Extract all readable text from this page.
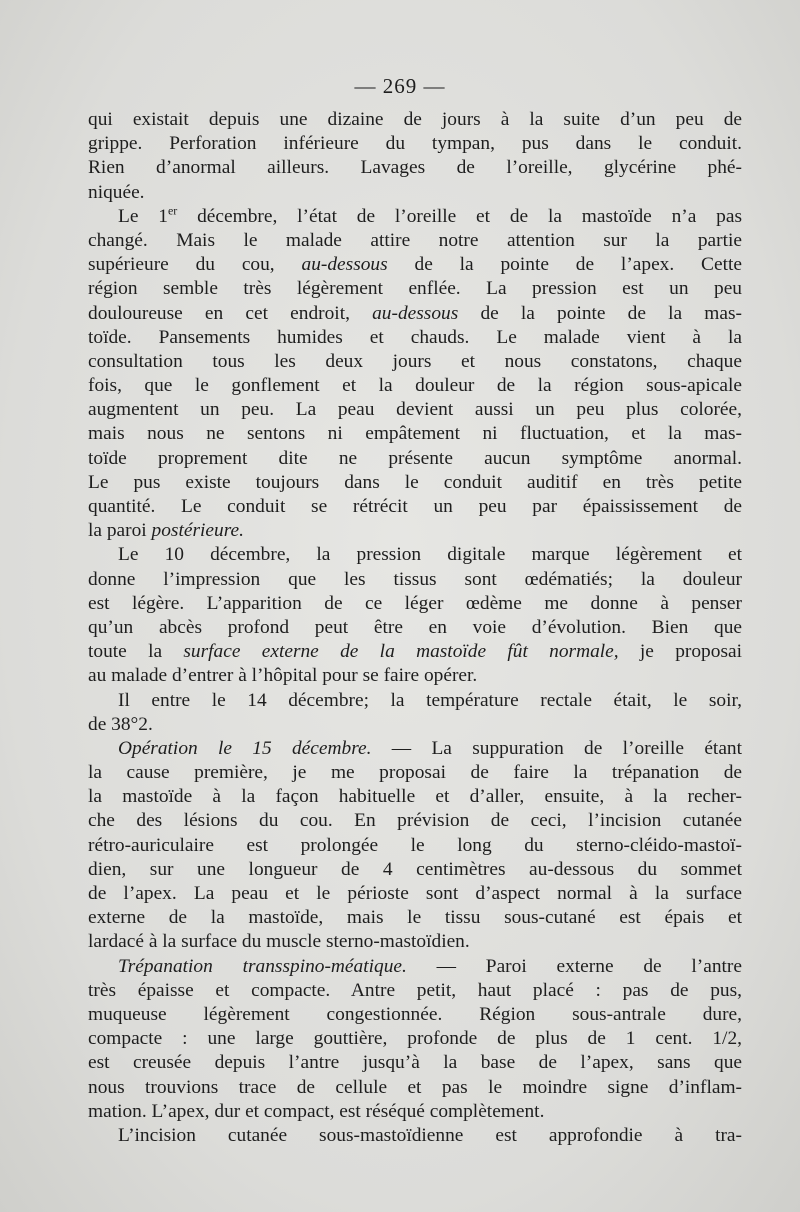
— 269 —
qui existait depuis une dizaine de jours à la suite d’un peu de
grippe. Perforation inférieure du tympan, pus dans le conduit.
Rien d’anormal ailleurs. Lavages de l’oreille, glycérine phé-
niquée.
Le 1er décembre, l’état de l’oreille et de la mastoïde n’a pas
changé. Mais le malade attire notre attention sur la partie
supérieure du cou, au-dessous de la pointe de l’apex. Cette
région semble très légèrement enflée. La pression est un peu
douloureuse en cet endroit, au-dessous de la pointe de la mas-
toïde. Pansements humides et chauds. Le malade vient à la
consultation tous les deux jours et nous constatons, chaque
fois, que le gonflement et la douleur de la région sous-apicale
augmentent un peu. La peau devient aussi un peu plus colorée,
mais nous ne sentons ni empâtement ni fluctuation, et la mas-
toïde proprement dite ne présente aucun symptôme anormal.
Le pus existe toujours dans le conduit auditif en très petite
quantité. Le conduit se rétrécit un peu par épaississement de
la paroi postérieure.
Le 10 décembre, la pression digitale marque légèrement et
donne l’impression que les tissus sont œdématiés; la douleur
est légère. L’apparition de ce léger œdème me donne à penser
qu’un abcès profond peut être en voie d’évolution. Bien que
toute la surface externe de la mastoïde fût normale, je proposai
au malade d’entrer à l’hôpital pour se faire opérer.
Il entre le 14 décembre; la température rectale était, le soir,
de 38°2.
Opération le 15 décembre. — La suppuration de l’oreille étant
la cause première, je me proposai de faire la trépanation de
la mastoïde à la façon habituelle et d’aller, ensuite, à la recher-
che des lésions du cou. En prévision de ceci, l’incision cutanée
rétro-auriculaire est prolongée le long du sterno-cléido-mastoï-
dien, sur une longueur de 4 centimètres au-dessous du sommet
de l’apex. La peau et le périoste sont d’aspect normal à la surface
externe de la mastoïde, mais le tissu sous-cutané est épais et
lardacé à la surface du muscle sterno-mastoïdien.
Trépanation transspino-méatique. — Paroi externe de l’antre
très épaisse et compacte. Antre petit, haut placé : pas de pus,
muqueuse légèrement congestionnée. Région sous-antrale dure,
compacte : une large gouttière, profonde de plus de 1 cent. 1/2,
est creusée depuis l’antre jusqu’à la base de l’apex, sans que
nous trouvions trace de cellule et pas le moindre signe d’inflam-
mation. L’apex, dur et compact, est réséqué complètement.
L’incision cutanée sous-mastoïdienne est approfondie à tra-
